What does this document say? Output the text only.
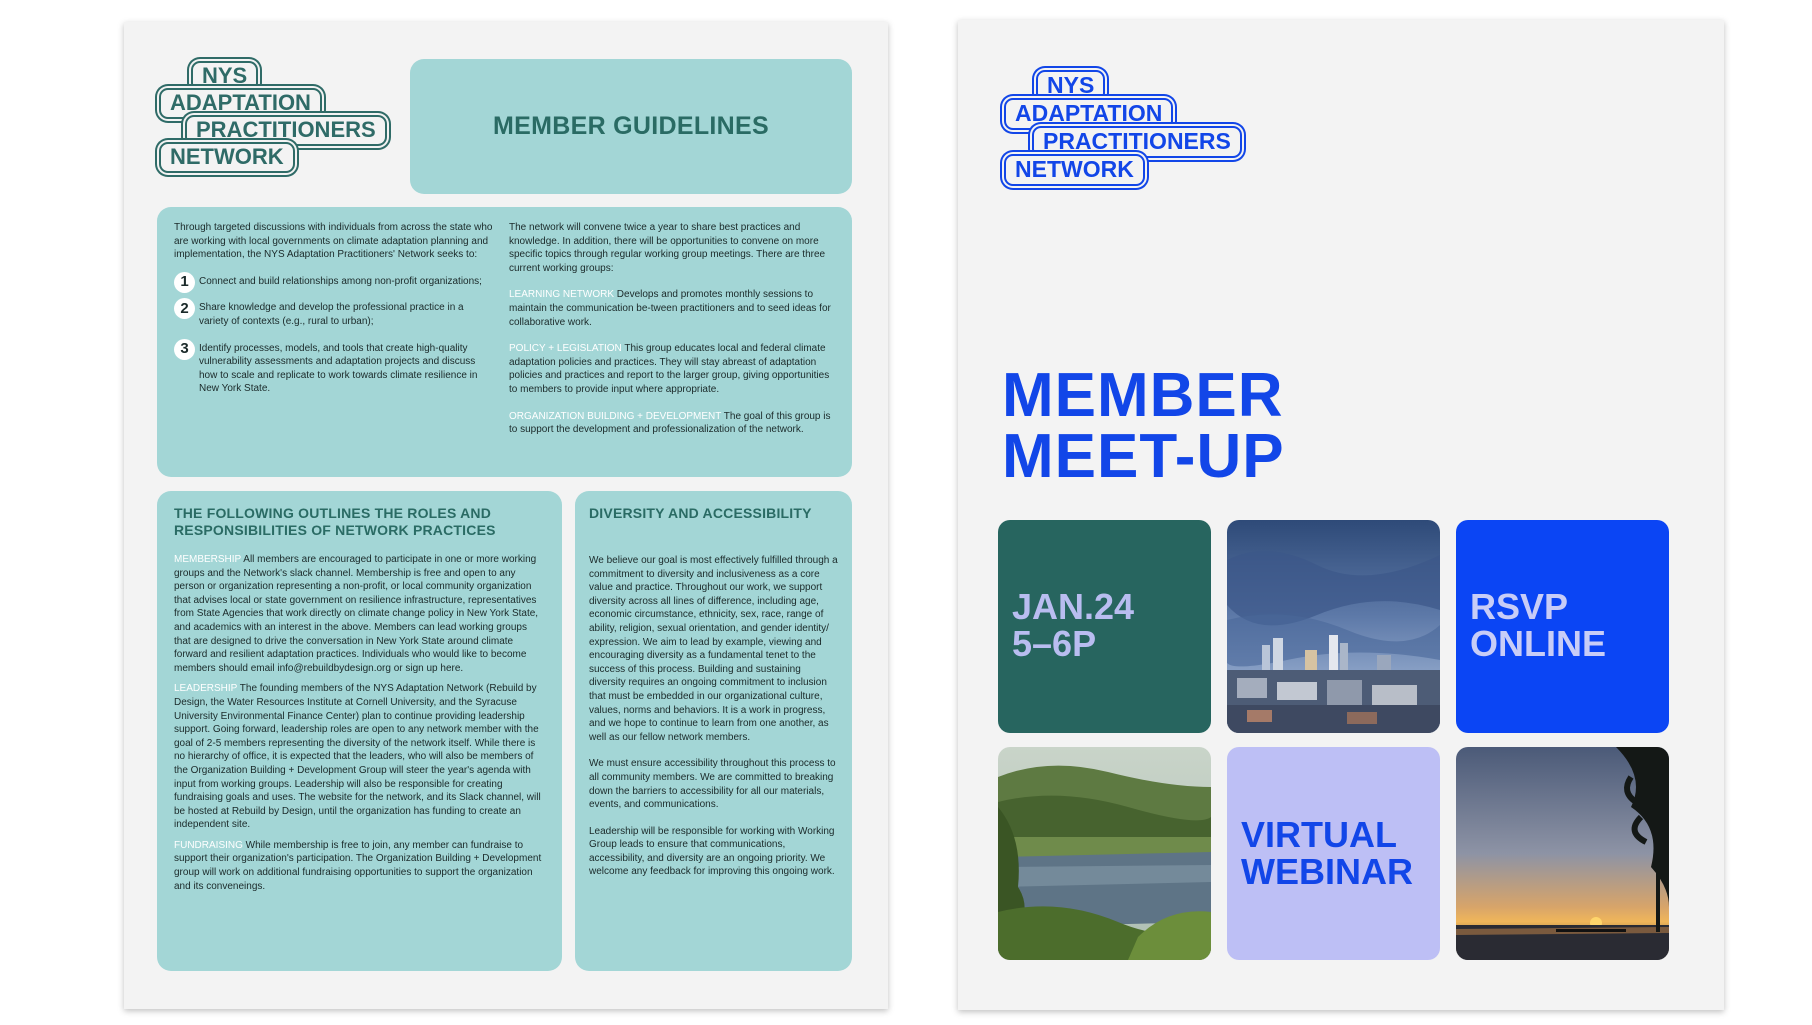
NYS
ADAPTATION
PRACTITIONERS
NETWORK
MEMBER GUIDELINES

Through targeted discussions with individuals from across the state who are working with local governments on climate adaptation planning and implementation, the NYS Adaptation Practitioners' Network seeks to:

1	Connect and build relationships among non-profit organizations;

2	Share knowledge and develop the professional practice in a variety of contexts (e.g., rural to urban);

3	Identify processes, models, and tools that create high-quality vulnerability assessments and adaptation projects and discuss how to scale and replicate to work towards climate resilience in New York State.

The network will convene twice a year to share best practices and knowledge. In addition, there will be opportunities to convene on more specific topics through regular working group meetings. There are three current working groups:

LEARNING NETWORK Develops and promotes monthly sessions to maintain the communication be-tween practitioners and to seed ideas for collaborative work.

POLICY + LEGISLATION This group educates local and federal climate adaptation policies and practices. They will stay abreast of adaptation policies and practices and report to the larger group, giving opportunities to members to provide input where appropriate.

ORGANIZATION BUILDING + DEVELOPMENT The goal of this group is to support the development and professionalization of the network.

THE FOLLOWING OUTLINES THE ROLES AND RESPONSIBILITIES OF NETWORK PRACTICES

MEMBERSHIP All members are encouraged to participate in one or more working groups and the Network's slack channel. Membership is free and open to any person or organization representing a non-profit, or local community organization that advises local or state government on resilience infrastructure, representatives from State Agencies that work directly on climate change policy in New York State, and academics with an interest in the above. Members can lead working groups that are designed to drive the conversation in New York State around climate forward and resilient adaptation practices. Individuals who would like to become members should email info@rebuildbydesign.org or sign up here.

LEADERSHIP The founding members of the NYS Adaptation Network (Rebuild by Design, the Water Resources Institute at Cornell University, and the Syracuse University Environmental Finance Center) plan to continue providing leadership support. Going forward, leadership roles are open to any network member with the goal of 2-5 members representing the diversity of the network itself. While there is no hierarchy of office, it is expected that the leaders, who will also be members of the Organization Building + Development Group will steer the year's agenda with input from working groups. Leadership will also be responsible for creating fundraising goals and uses. The website for the network, and its Slack channel, will be hosted at Rebuild by Design, until the organization has funding to create an independent site.

FUNDRAISING While membership is free to join, any member can fundraise to support their organization's participation. The Organization Building + Development group will work on additional fundraising opportunities to support the organization and its conveneings.

DIVERSITY AND ACCESSIBILITY

We believe our goal is most effectively fulfilled through a commitment to diversity and inclusiveness as a core value and practice. Throughout our work, we support diversity across all lines of difference, including age, economic circumstance, ethnicity, sex, race, range of ability, religion, sexual orientation, and gender identity/ expression. We aim to lead by example, viewing and encouraging diversity as a fundamental tenet to the success of this process. Building and sustaining diversity requires an ongoing commitment to inclusion that must be embedded in our organizational culture, values, norms and behaviors. It is a work in progress, and we hope to continue to learn from one another, as well as our fellow network members.

We must ensure accessibility throughout this process to all community members. We are committed to breaking down the barriers to accessibility for all our materials, events, and communications.

Leadership will be responsible for working with Working Group leads to ensure that communications, accessibility, and diversity are an ongoing priority. We welcome any feedback for improving this ongoing work.

NYS
ADAPTATION
PRACTITIONERS
NETWORK
MEMBER
MEET-UP
JAN.24
5–6P
RSVP
ONLINE
VIRTUAL
WEBINAR
